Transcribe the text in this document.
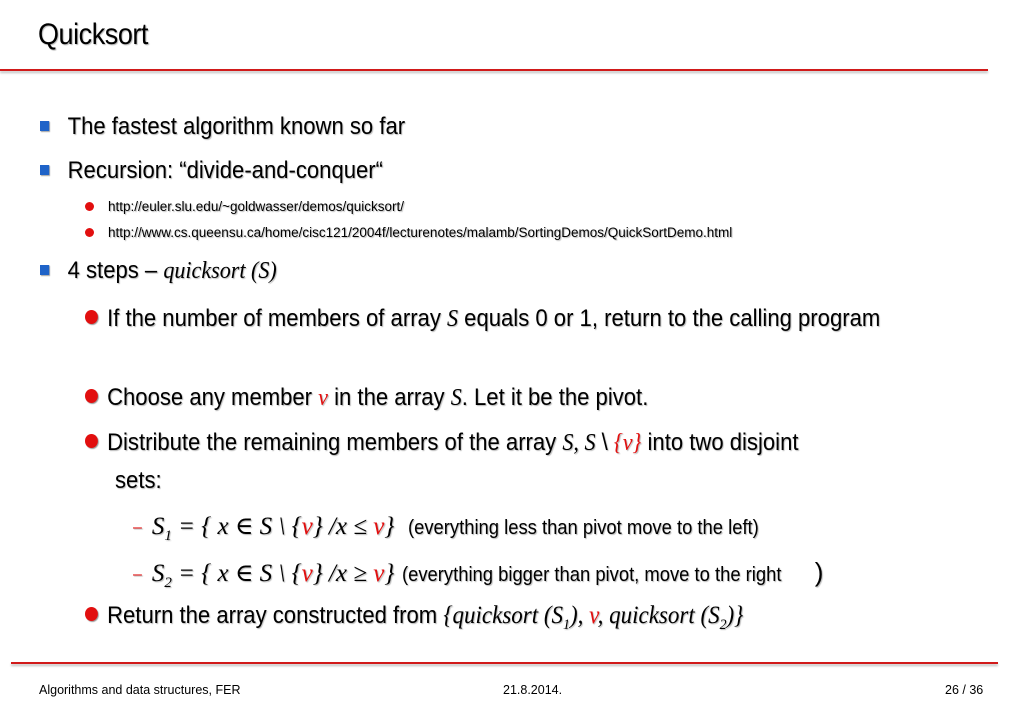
Quicksort
The fastest algorithm known so far
Recursion: “divide-and-conquer“
http://euler.slu.edu/~goldwasser/demos/quicksort/
http://www.cs.queensu.ca/home/cisc121/2004f/lecturenotes/malamb/SortingDemos/QuickSortDemo.html
4 steps – quicksort (S)
If the number of members of array S equals 0 or 1, return to the calling program
Choose any member v in the array S. Let it be the pivot.
Distribute the remaining members of the array S, S \ {v} into two disjoint
sets:
– $S_1$ = { x ∈ S \ {v} /x ≤ v} (everything less than pivot move to the left)
– $S_2$ = { x ∈ S \ {v} /x ≥ v} (everything bigger than pivot, move to the right )
Return the array constructed from {quicksort $(S_1)$, v, quicksort $(S_2)$}
Algorithms and data structures, FER	21.8.2014.	26 / 36
